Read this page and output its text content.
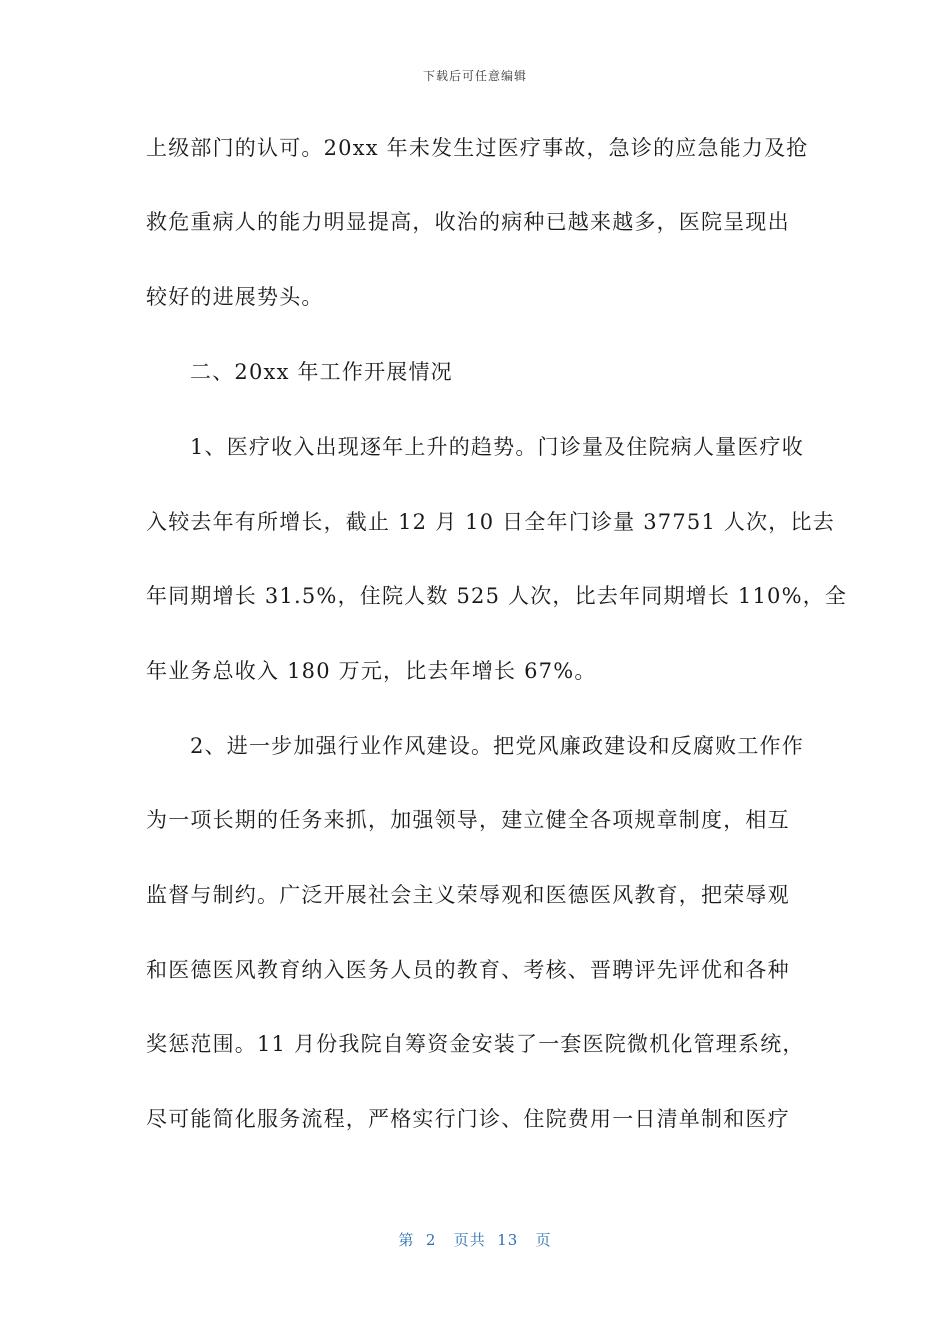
下载后可任意编辑
上级部门的认可。20xx 年未发生过医疗事故，急诊的应急能力及抢
救危重病人的能力明显提高，收治的病种已越来越多，医院呈现出
较好的进展势头。
二、20xx 年工作开展情况
1、医疗收入出现逐年上升的趋势。门诊量及住院病人量医疗收
入较去年有所增长，截止 12 月 10 日全年门诊量 37751 人次，比去
年同期增长 31.5%，住院人数 525 人次，比去年同期增长 110%，全
年业务总收入 180 万元，比去年增长 67%。
2、进一步加强行业作风建设。把党风廉政建设和反腐败工作作
为一项长期的任务来抓，加强领导，建立健全各项规章制度，相互
监督与制约。广泛开展社会主义荣辱观和医德医风教育，把荣辱观
和医德医风教育纳入医务人员的教育、考核、晋聘评先评优和各种
奖惩范围。11 月份我院自筹资金安装了一套医院微机化管理系统，
尽可能简化服务流程，严格实行门诊、住院费用一日清单制和医疗
第  2   页共  13   页
